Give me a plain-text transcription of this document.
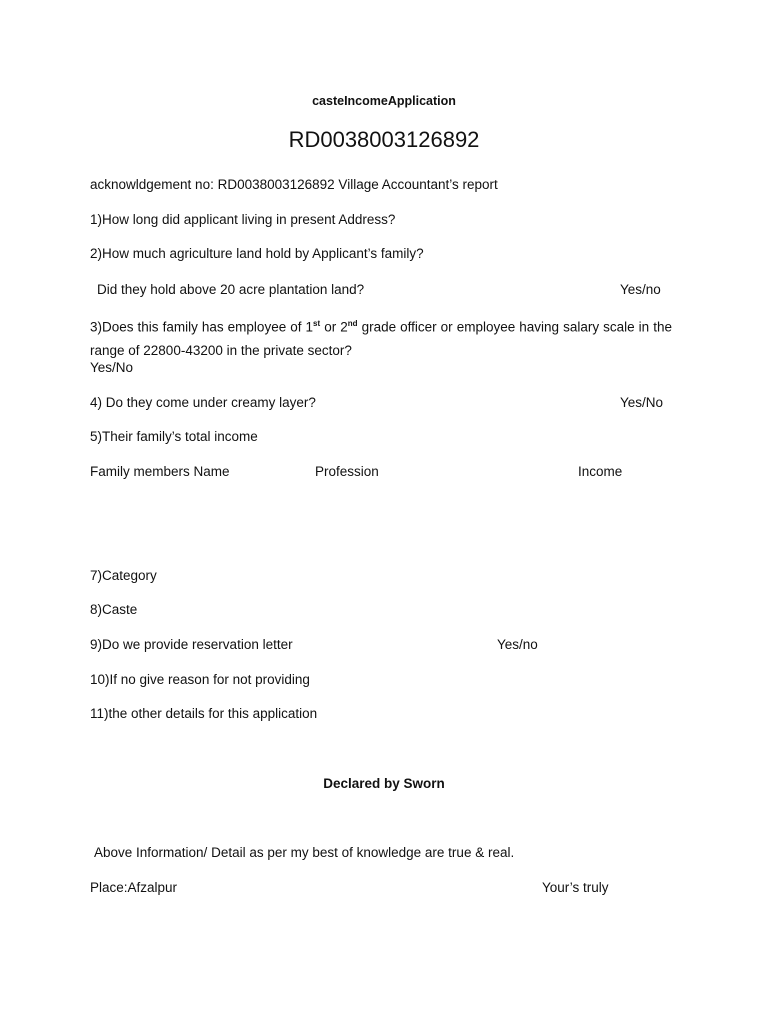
casteIncomeApplication
RD0038003126892
acknowldgement no: RD0038003126892 Village Accountant’s report
1)How long did applicant living in present Address?
2)How much agriculture land hold by Applicant’s family?
Did they hold above 20 acre plantation land?	Yes/no
3)Does this family has employee of 1st or 2nd grade officer or employee having salary scale in the range of 22800-43200 in the private sector?
Yes/No
4) Do they come under creamy layer?	Yes/No
5)Their family’s total income
Family members Name	Profession	Income
7)Category
8)Caste
9)Do we provide reservation letter	Yes/no
10)If no give reason for not providing
11)the other details for this application
Declared by Sworn
Above Information/ Detail as per my best of knowledge are true & real.
Place:Afzalpur	Your’s truly
